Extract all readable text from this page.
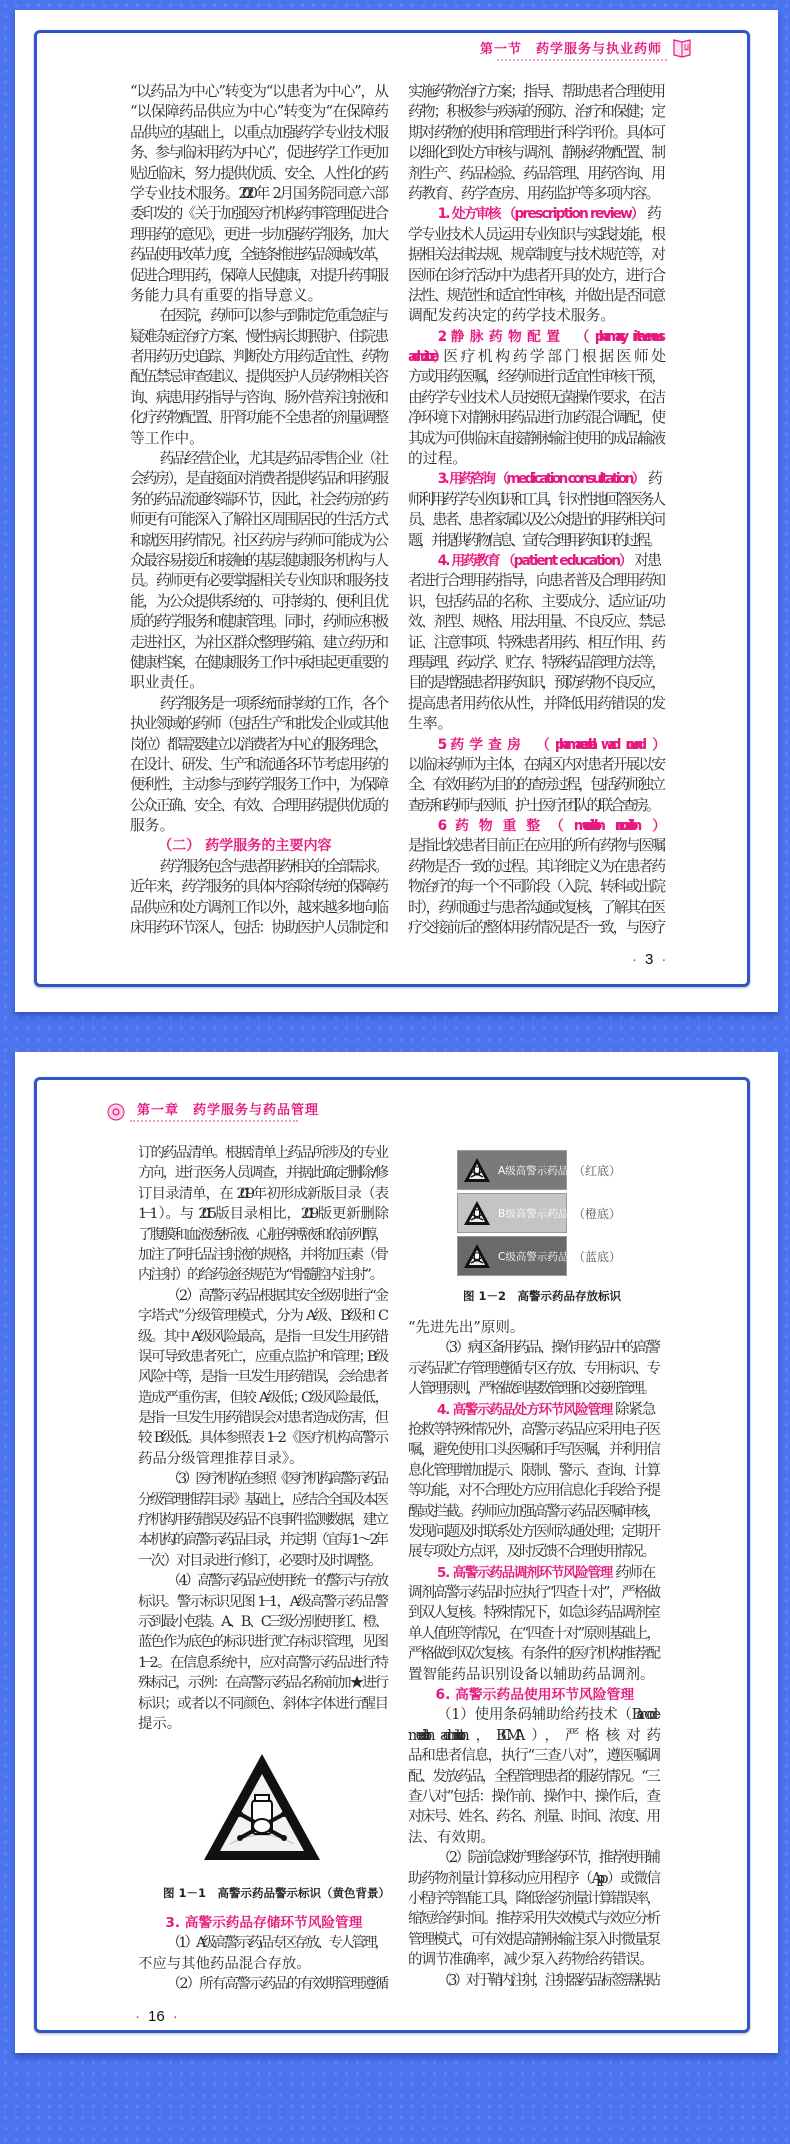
第一节　药学服务与执业药师
“以药品为中心”转变为“以患者为中心”，从
“以保障药品供应为中心”转变为“在保障药
品供应的基础上，以重点加强药学专业技术服
务、参与临床用药为中心”，促进药学工作更加
贴近临床，努力提供优质、安全、人性化的药
学专业技术服务。2020 年 2 月国务院同意六部
委印发的《关于加强医疗机构药事管理促进合
理用药的意见》，更进一步加强药学服务，加大
药品使用改革力度，全链条推进药品领域改革，
促进合理用药，保障人民健康，对提升药事服
务能力具有重要的指导意义。
在医院，药师可以参与到制定危重急症与
疑难杂症治疗方案、慢性病长期照护、住院患
者用药历史追踪、判断处方用药适宜性、药物
配伍禁忌审查建议、提供医护人员药物相关咨
询、病患用药指导与咨询、肠外营养注射液和
化疗药物配置、肝肾功能不全患者的剂量调整
等工作中。
药品经营企业，尤其是药品零售企业（社
会药房），是直接面对消费者提供药品和用药服
务的药品流通终端环节，因此，社会药房的药
师更有可能深入了解社区周围居民的生活方式
和就医用药情况。社区药房与药师可能成为公
众最容易接近和接触的基层健康服务机构与人
员。药师更有必要掌握相关专业知识和服务技
能，为公众提供系统的、可持续的、便利且优
质的药学服务和健康管理。同时，药师应积极
走进社区，为社区群众整理药箱、建立药历和
健康档案，在健康服务工作中承担起更重要的
职业责任。
药学服务是一项系统而持续的工作，各个
执业领域的药师（包括生产和批发企业或其他
岗位）都需要建立以消费者为中心的服务理念，
在设计、研发、生产和流通各环节考虑用药的
便利性，主动参与到药学服务工作中，为保障
公众正确、安全、有效、合理用药提供优质的
服务。
（二） 药学服务的主要内容
药学服务包含与患者用药相关的全部需求。
近年来，药学服务的具体内容除传统的保障药
品供应和处方调剂工作以外，越来越多地向临
床用药环节深人，包括：协助医护人员制定和
实施药物治疗方案；指导、帮助患者合理使用
药物；积极参与疾病的预防、治疗和保健；定
期对药物的使用和管理进行科学评价。具体可
以细化到处方审核与调剂、静脉药物配置、制
剂生产、药品检验、药品管理、用药咨询、用
药教育、药学查房、用药监护等多项内容。
1. 处方审核 （prescription review） 药
学专业技术人员运用专业知识与实践技能，根
据相关法律法规、规章制度与技术规范等，对
医师在诊疗活动中为患者开具的处方，进行合
法性、规范性和适宜性审核，并做出是否同意
调配发药决定的药学技术服务。
2. 静脉药物配置 （pharmacy intravenous
admixture） 医疗机构药学部门根据医师处
方或用药医嘱，经药师进行适宜性审核干预，
由药学专业技术人员按照无菌操作要求，在洁
净环境下对静脉用药品进行加药混合调配，使
其成为可供临床直接静脉输注使用的成品输液
的过程。
3. 用药咨询 （medication consultation） 药
师利用药学专业知识和工具，针对性地回答医务人
员、患者、患者家属以及公众提出的用药相关问
题，并提供药物信息、宣传合理用药知识的过程。
4. 用药教育 （patient education） 对患
者进行合理用药指导，向患者普及合理用药知
识，包括药品的名称、主要成分、适应证/功
效、剂型、规格、用法用量、不良反应、禁忌
证、注意事项、特殊患者用药、相互作用、药
理毒理、药动学、贮存、特殊药品管理方法等，
目的是增强患者用药知识，预防药物不良反应，
提高患者用药依从性，并降低用药错误的发
生率。
5. 药学查房 （pharmaceutical ward round）
以临床药师为主体，在病区内对患者开展以安
全、有效用药为目的的查房过程，包括药师独立
查房和药师与医师、护士医疗团队的联合查房。
6. 药物重整（medication reconciliation）
是指比较患者目前正在应用的所有药物与医嘱
药物是否一致的过程。其详细定义为在患者药
物治疗的每一个不同阶段（入院、转科或出院
时），药师通过与患者沟通或复核，了解其在医
疗交接前后的整体用药情况是否一致，与医疗
· 3 ·
第一章　药学服务与药品管理
订的药品清单。根据清单上药品所涉及的专业
方向，进行医务人员调查，并据此确定删除/修
订目录清单，在 2019 年初形成新版目录（表
1－1）。与 2015 版目录相比，2019 版更新删除
了腹膜和血液透析液、心脏停搏液和依前列醇，
加注了阿托品注射液的规格，并将加压素（骨
内注射）的给药途径规范为“骨髓腔内注射”。
（2）高警示药品根据其安全级别进行“金
字塔式”分级管理模式，分为 A 级、B 级和 C
级。其中 A 级风险最高，是指一旦发生用药错
误可导致患者死亡，应重点监护和管理；B 级
风险中等，是指一旦发生用药错误，会给患者
造成严重伤害，但较 A 级低；C 级风险最低，
是指一旦发生用药错误会对患者造成伤害，但
较 B 级低。具体参照表 1－2《医疗机构高警示
药品分级管理推荐目录》。
（3）医疗机构在参照《医疗机构高警示药品
分级管理推荐目录》基础上，应结合全国及本医
疗机构用药错误及药品不良事件监测数据，建立
本机构的高警示药品目录，并定期（宜每 1～2 年
一次）对目录进行修订，必要时及时调整。
（4）高警示药品应使用统一的警示与存放
标识。警示标识见图 1－1，A 级高警示药品警
示到最小包装。A、B、C 三级分别使用红、橙、
蓝色作为底色的标识进行贮存标识管理，见图
1－2。在信息系统中，应对高警示药品进行特
殊标记，示例：在高警示药品名称前加★进行
标识；或者以不同颜色、斜体字体进行醒目
提示。
图 1－1　高警示药品警示标识（黄色背景）
3. 高警示药品存储环节风险管理
（1）A 级高警示药品专区存放、专人管理，
不应与其他药品混合存放。
（2）所有高警示药品的有效期管理遵循
A级高警示药品 （红底）
B级高警示药品 （橙底）
C级高警示药品 （蓝底）
图 1－2　高警示药品存放标识
“先进先出”原则。
（3）病区备用药品、操作用药品中的高警
示药品贮存管理遵循专区存放、专用标识、专
人管理原则，严格做到基数管理和交接班管理。
4. 高警示药品处方环节风险管理 除紧急
抢救等特殊情况外，高警示药品应采用电子医
嘱，避免使用口头医嘱和手写医嘱，并利用信
息化管理增加提示、限制、警示、查询、计算
等功能，对不合理处方应用信息化手段给予提
醒或拦截。药师应加强高警示药品医嘱审核，
发现问题及时联系处方医师沟通处理；定期开
展专项处方点评，及时反馈不合理使用情况。
5. 高警示药品调剂环节风险管理 药师在
调剂高警示药品时应执行“四查十对”，严格做
到双人复核。特殊情况下，如急诊药品调剂室
单人值班等情况，在“四查十对”原则基础上，
严格做到双次复核。有条件的医疗机构推荐配
置智能药品识别设备以辅助药品调剂。
6. 高警示药品使用环节风险管理
（1）使用条码辅助给药技术（Bar code
medication administration，BCMA），严格核对药
品和患者信息，执行“三查八对”，遵医嘱调
配、发放药品，全程管理患者的服药情况。“三
查八对”包括：操作前、操作中、操作后，查
对床号、姓名、药名、剂量、时间、浓度、用
法、有效期。
（2）院前急救护理给药环节，推荐使用辅
助药物剂量计算移动应用程序（App）或微信
小程序等智能工具，降低给药剂量计算错误率，
缩短给药时间。推荐采用失效模式与效应分析
管理模式，可有效提高静脉输注泵入时微量泵
的调节准确率，减少泵入药物给药错误。
（3）对于鞘内注射，注射器药品标签需粘贴
· 16 ·
